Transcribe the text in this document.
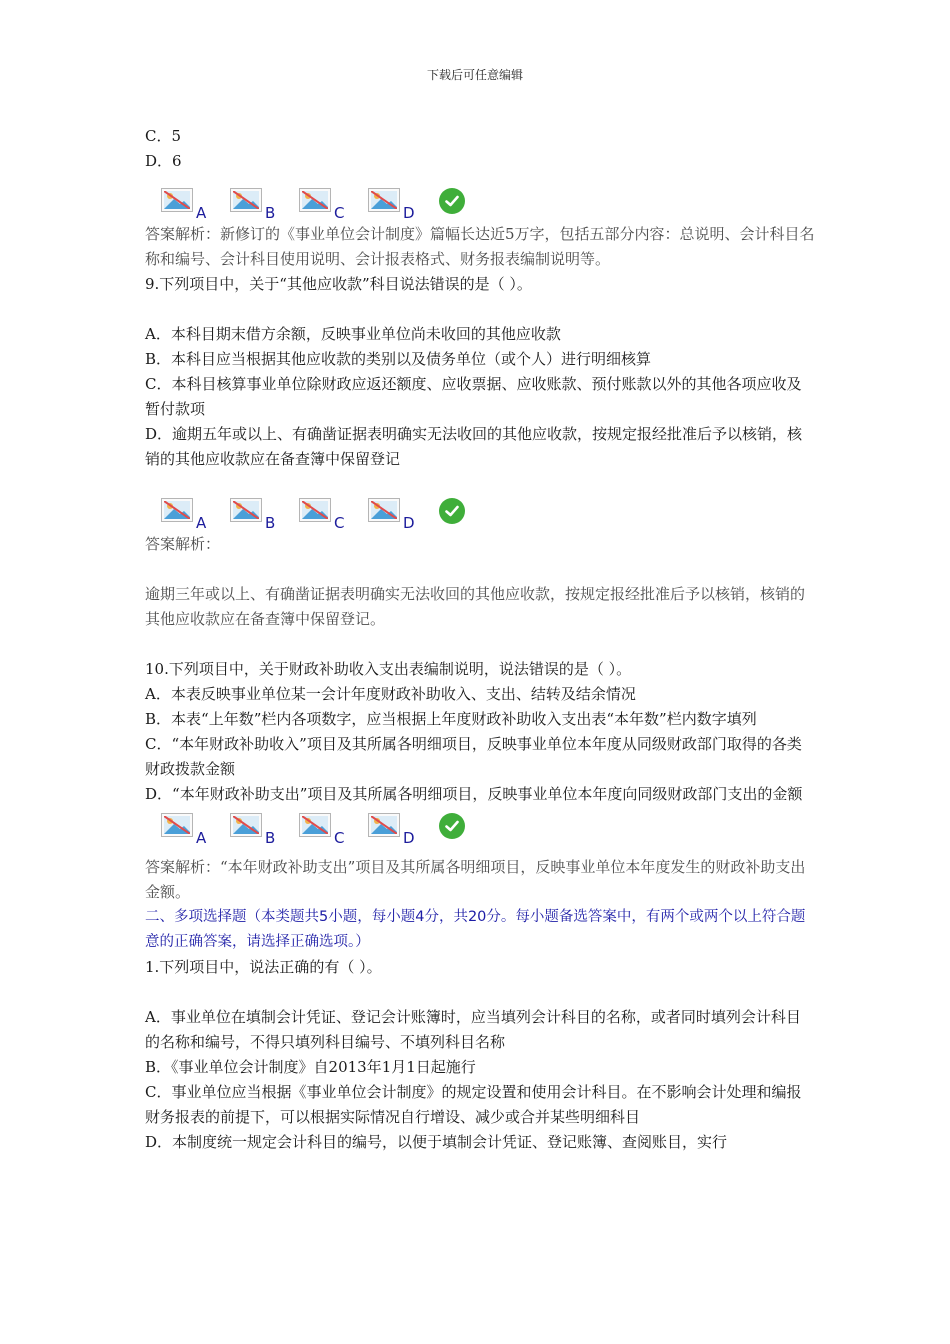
下载后可任意编辑
C．5
D．6
A	B	C	D
答案解析：新修订的《事业单位会计制度》篇幅长达近5万字，包括五部分内容：总说明、会计科目名称和编号、会计科目使用说明、会计报表格式、财务报表编制说明等。
9.下列项目中，关于“其他应收款”科目说法错误的是（ ）。
A．本科目期末借方余额，反映事业单位尚未收回的其他应收款
B．本科目应当根据其他应收款的类别以及债务单位（或个人）进行明细核算
C．本科目核算事业单位除财政应返还额度、应收票据、应收账款、预付账款以外的其他各项应收及暂付款项
D．逾期五年或以上、有确凿证据表明确实无法收回的其他应收款，按规定报经批准后予以核销，核销的其他应收款应在备查簿中保留登记
A	B	C	D
答案解析：
逾期三年或以上、有确凿证据表明确实无法收回的其他应收款，按规定报经批准后予以核销，核销的其他应收款应在备查簿中保留登记。
10.下列项目中，关于财政补助收入支出表编制说明，说法错误的是（ ）。
A．本表反映事业单位某一会计年度财政补助收入、支出、结转及结余情况
B．本表“上年数”栏内各项数字，应当根据上年度财政补助收入支出表“本年数”栏内数字填列
C．“本年财政补助收入”项目及其所属各明细项目，反映事业单位本年度从同级财政部门取得的各类财政拨款金额
D．“本年财政补助支出”项目及其所属各明细项目，反映事业单位本年度向同级财政部门支出的金额
A	B	C	D
答案解析：“本年财政补助支出”项目及其所属各明细项目，反映事业单位本年度发生的财政补助支出金额。
二、多项选择题（本类题共5小题，每小题4分，共20分。每小题备选答案中，有两个或两个以上符合题意的正确答案，请选择正确选项。）
1.下列项目中，说法正确的有（ ）。
A．事业单位在填制会计凭证、登记会计账簿时，应当填列会计科目的名称，或者同时填列会计科目的名称和编号，不得只填列科目编号、不填列科目名称
B．《事业单位会计制度》自2013年1月1日起施行
C．事业单位应当根据《事业单位会计制度》的规定设置和使用会计科目。在不影响会计处理和编报财务报表的前提下，可以根据实际情况自行增设、减少或合并某些明细科目
D．本制度统一规定会计科目的编号，以便于填制会计凭证、登记账簿、查阅账目，实行
